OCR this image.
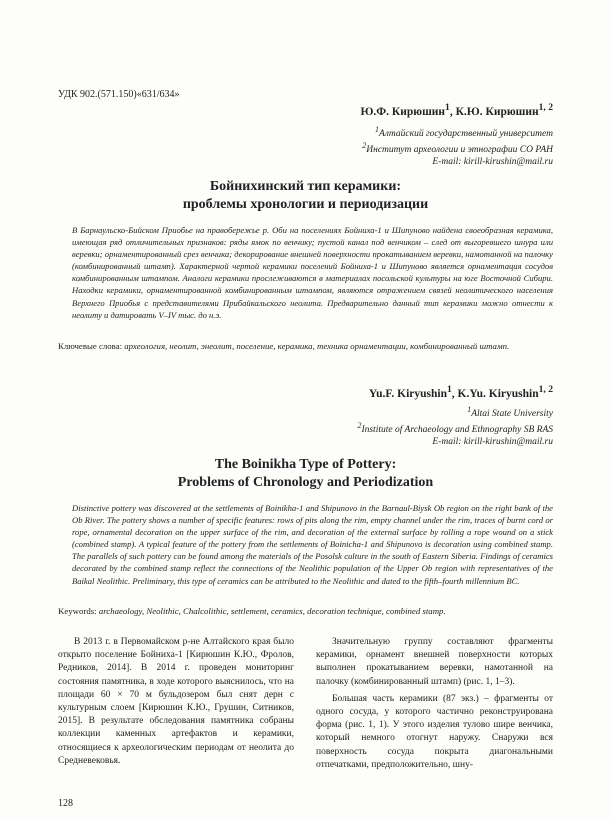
УДК 902.(571.150)«631/634»
Ю.Ф. Кирюшин$^1$, К.Ю. Кирюшин$^{1, 2}$
$^1$Алтайский государственный университет
$^2$Институт археологии и этнографии СО РАН
E-mail: kirill-kirushin@mail.ru
Бойнихинский тип керамики:
проблемы хронологии и периодизации
В Барнаульско-Бийском Приобье на правобережье р. Оби на поселениях Бойниха-1 и Шипуново найдена своеобразная керамика, имеющая ряд отличительных признаков: ряды ямок по венчику; пустой канал под венчиком – след от выгоревшего шнура или веревки; орнаментированный срез венчика; декорирование внешней поверхности прокатыванием веревки, намотанной на палочку (комбинированный штамп). Характерной чертой керамики поселений Бойниха-1 и Шипуново является орнаментация сосудов комбинированным штампом. Аналоги керамики прослеживаются в материалах посольской культуры на юге Восточной Сибири. Находки керамики, орнаментированной комбинированным штампом, являются отражением связей неолитического населения Верхнего Приобья с представителями Прибайкальского неолита. Предварительно данный тип керамики можно отнести к неолиту и датировать V–IV тыс. до н.э.
Ключевые слова: археология, неолит, энеолит, поселение, керамика, техника орнаментации, комбинированный штамп.
Yu.F. Kiryushin$^1$, K.Yu. Kiryushin$^{1, 2}$
$^1$Altai State University
$^2$Institute of Archaeology and Ethnography SB RAS
E-mail: kirill-kirushin@mail.ru
The Boinikha Type of Pottery:
Problems of Chronology and Periodization
Distinctive pottery was discovered at the settlements of Boinikha-1 and Shipunovo in the Barnaul-Biysk Ob region on the right bank of the Ob River. The pottery shows a number of specific features: rows of pits along the rim, empty channel under the rim, traces of burnt cord or rope, ornamental decoration on the upper surface of the rim, and decoration of the external surface by rolling a rope wound on a stick (combined stamp). A typical feature of the pottery from the settlements of Boinicha-1 and Shipunovo is decoration using combined stamp. The parallels of such pottery can be found among the materials of the Posolsk culture in the south of Eastern Siberia. Findings of ceramics decorated by the combined stamp reflect the connections of the Neolithic population of the Upper Ob region with representatives of the Baikal Neolithic. Preliminary, this type of ceramics can be attributed to the Neolithic and dated to the fifth–fourth millennium BC.
Keywords: archaeology, Neolithic, Chalcolithic, settlement, ceramics, decoration technique, combined stamp.

В 2013 г. в Первомайском р-не Алтайского края было открыто поселение Бойниха-1 [Кирюшин К.Ю., Фролов, Редников, 2014]. В 2014 г. проведен мониторинг состояния памятника, в ходе которого выяснилось, что на площади 60 × 70 м бульдозером был снят дерн с культурным слоем [Кирюшин К.Ю., Грушин, Ситников, 2015]. В результате обследования памятника собраны коллекции каменных артефактов и керамики, относящиеся к археологическим периодам от неолита до Средневековья.

Значительную группу составляют фрагменты керамики, орнамент внешней поверхности которых выполнен прокатыванием веревки, намотанной на палочку (комбинированный штамп) (рис. 1, 1–3).

Большая часть керамики (87 экз.) – фрагменты от одного сосуда, у которого частично реконструирована форма (рис. 1, 1). У этого изделия тулово шире венчика, который немного отогнут наружу. Снаружи вся поверхность сосуда покрыта диагональными отпечатками, предположительно, шну-

128
